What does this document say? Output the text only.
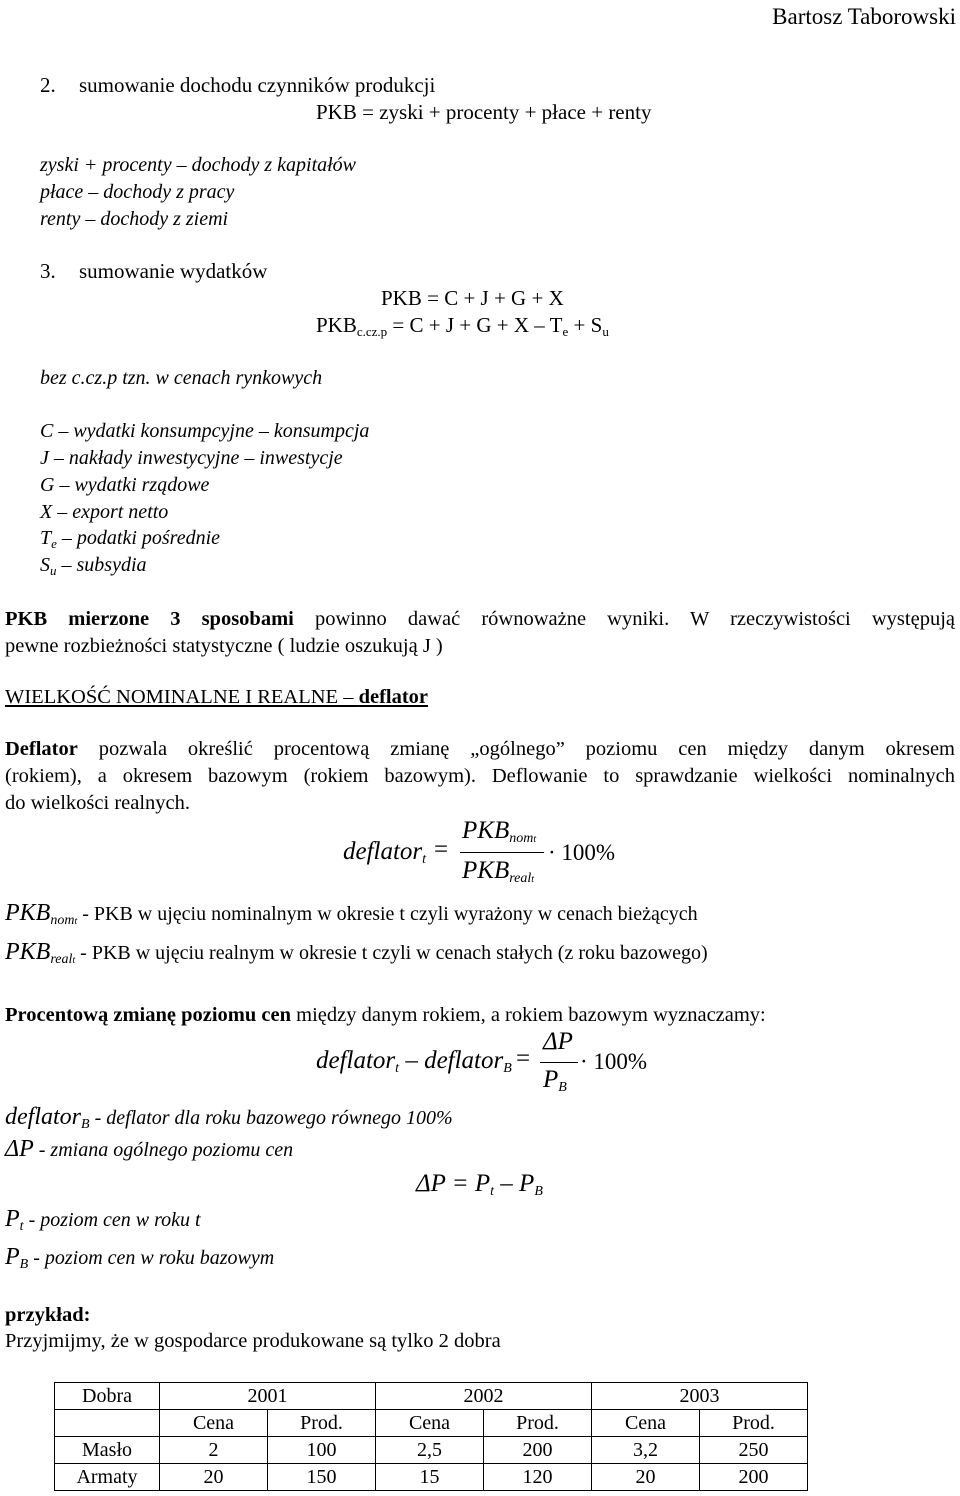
Bartosz Taborowski
2. sumowanie dochodu czynników produkcji
PKB = zyski + procenty + płace + renty
zyski + procenty – dochody z kapitałów
płace – dochody z pracy
renty – dochody z ziemi
3. sumowanie wydatków
PKB = C + J + G + X
$PKB_{c.cz.p} = C + J + G + X - T_e + S_u$
bez c.cz.p tzn. w cenach rynkowych
C – wydatki konsumpcyjne – konsumpcja
J – nakłady inwestycyjne – inwestycje
G – wydatki rządowe
X – export netto
$T_e$ – podatki pośrednie
$S_u$ – subsydia
PKB mierzone 3 sposobami powinno dawać równoważne wyniki. W rzeczywistości występują
pewne rozbieżności statystyczne ( ludzie oszukują J )
WIELKOŚĆ NOMINALNE I REALNE – deflator
Deflator pozwala określić procentową zmianę „ogólnego” poziomu cen między danym okresem
(rokiem), a okresem bazowym (rokiem bazowym). Deflowanie to sprawdzanie wielkości nominalnych
do wielkości realnych.
deflator$_t$ =
$PKB_{nomt}$
$PKB_{realt}$
· 100%
$PKB_{nomt}$ - PKB w ujęciu nominalnym w okresie t czyli wyrażony w cenach bieżących
$PKB_{realt}$ - PKB w ujęciu realnym w okresie t czyli w cenach stałych (z roku bazowego)
Procentową zmianę poziomu cen między danym rokiem, a rokiem bazowym wyznaczamy:
deflator$_t$ – deflator$_B$ =
ΔP
$P_B$
· 100%
deflator$_B$ - deflator dla roku bazowego równego 100%
ΔP - zmiana ogólnego poziomu cen
$\Delta P = P_t - P_B$
$P_t$ - poziom cen w roku t
$P_B$ - poziom cen w roku bazowym
przykład:
Przyjmijmy, że w gospodarce produkowane są tylko 2 dobra
Dobra	2001		2002		2003	
	Cena	Prod.	Cena	Prod.	Cena	Prod.
Masło	2	100	2,5	200	3,2	250
Armaty	20	150	15	120	20	200
